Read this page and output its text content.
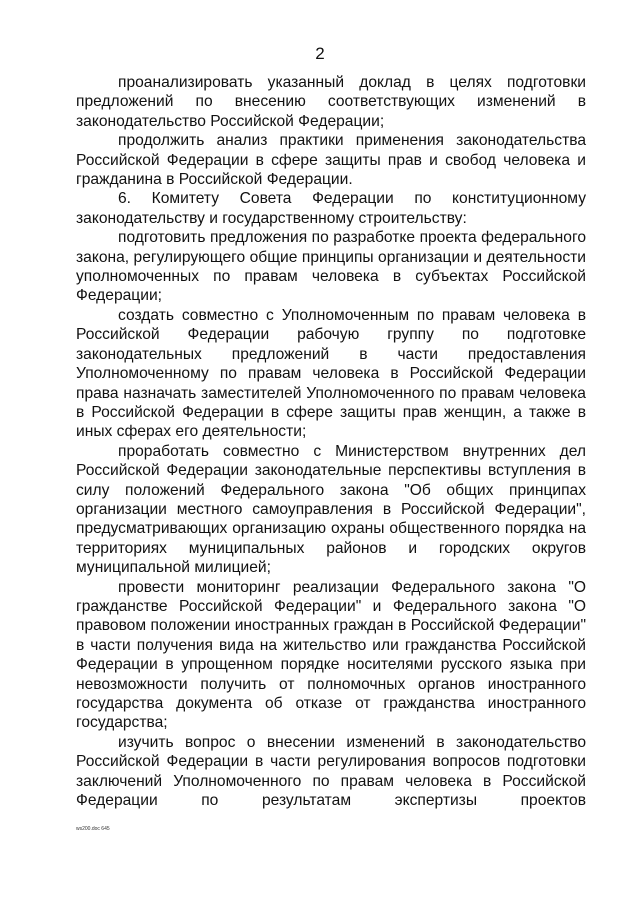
2

проанализировать указанный доклад в целях подготовки предложений по внесению соответствующих изменений в законодательство Российской Федерации;

продолжить анализ практики применения законодательства Российской Федерации в сфере защиты прав и свобод человека и гражданина в Российской Федерации.

6. Комитету Совета Федерации по конституционному законодательству и государственному строительству:

подготовить предложения по разработке проекта федерального закона, регулирующего общие принципы организации и деятельности уполномоченных по правам человека в субъектах Российской Федерации;

создать совместно с Уполномоченным по правам человека в Российской Федерации рабочую группу по подготовке законодательных предложений в части предоставления Уполномоченному по правам человека в Российской Федерации права назначать заместителей Уполномоченного по правам человека в Российской Федерации в сфере защиты прав женщин, а также в иных сферах его деятельности;

проработать совместно с Министерством внутренних дел Российской Федерации законодательные перспективы вступления в силу положений Федерального закона "Об общих принципах организации местного самоуправления в Российской Федерации", предусматривающих организацию охраны общественного порядка на территориях муниципальных районов и городских округов муниципальной милицией;

провести мониторинг реализации Федерального закона "О гражданстве Российской Федерации" и Федерального закона "О правовом положении иностранных граждан в Российской Федерации" в части получения вида на жительство или гражданства Российской Федерации в упрощенном порядке носителями русского языка при невозможности получить от полномочных органов иностранного государства документа об отказе от гражданства иностранного государства;

изучить вопрос о внесении изменений в законодательство Российской Федерации в части регулирования вопросов подготовки заключений Уполномоченного по правам человека в Российской Федерации по результатам экспертизы проектов

ws200.doc 645
